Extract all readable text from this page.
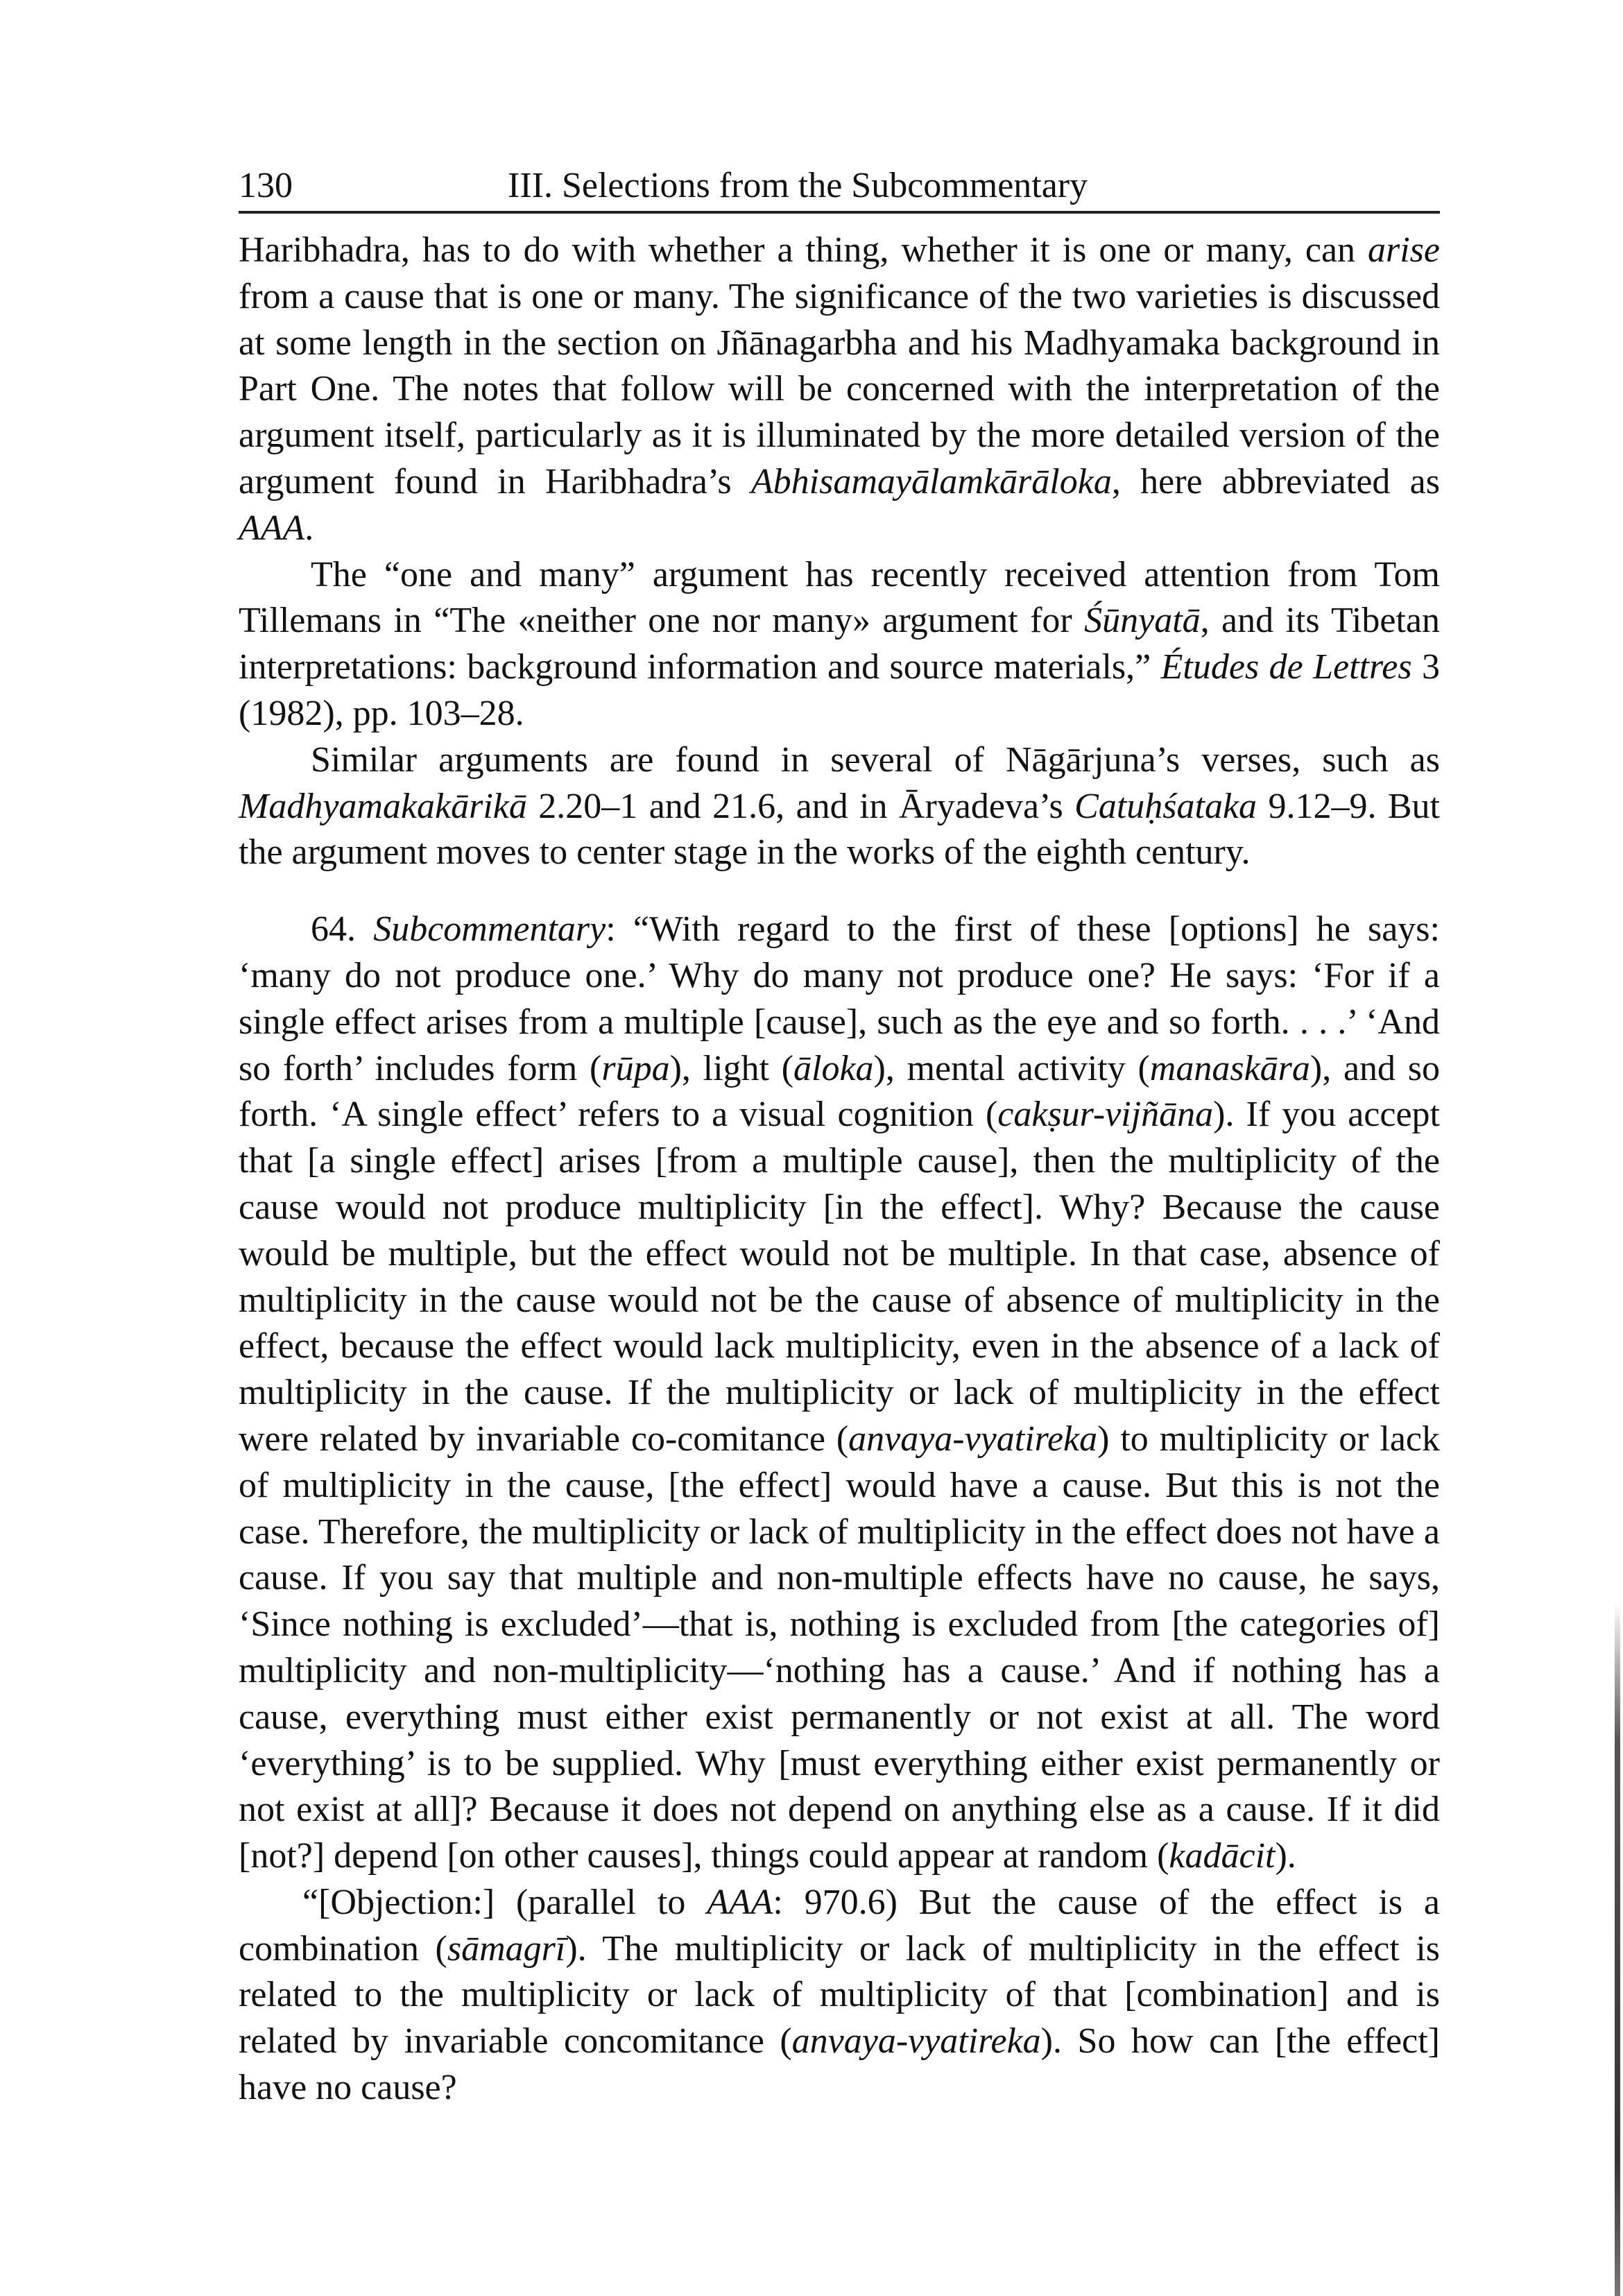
130	III. Selections from the Subcommentary

Haribhadra, has to do with whether a thing, whether it is one or many, can arise from a cause that is one or many. The significance of the two varieties is discussed at some length in the section on Jñānagarbha and his Madhyamaka background in Part One. The notes that follow will be concerned with the interpretation of the argument itself, particularly as it is illuminated by the more detailed version of the argument found in Haribhadra’s Abhisamayālamkārāloka, here abbreviated as AAA.

The “one and many” argument has recently received attention from Tom Tillemans in “The «neither one nor many» argument for Śūnyatā, and its Tibetan interpretations: background information and source materials,” Études de Lettres 3 (1982), pp. 103–28.

Similar arguments are found in several of Nāgārjuna’s verses, such as Madhyamakakārikā 2.20–1 and 21.6, and in Āryadeva’s Catuḥśataka 9.12–9. But the argument moves to center stage in the works of the eighth century.

64. Subcommentary: “With regard to the first of these [options] he says: ‘many do not produce one.’ Why do many not produce one? He says: ‘For if a single effect arises from a multiple [cause], such as the eye and so forth. . . .’ ‘And so forth’ includes form (rūpa), light (āloka), mental activity (manaskāra), and so forth. ‘A single effect’ refers to a visual cognition (cakṣur-vijñāna). If you accept that [a single effect] arises [from a multiple cause], then the multiplicity of the cause would not produce multiplicity [in the effect]. Why? Because the cause would be multiple, but the effect would not be multiple. In that case, absence of multiplicity in the cause would not be the cause of absence of multiplicity in the effect, because the effect would lack multiplicity, even in the absence of a lack of multiplicity in the cause. If the multiplicity or lack of multiplicity in the effect were related by invariable co-comitance (anvaya-vyatireka) to multiplicity or lack of multiplicity in the cause, [the effect] would have a cause. But this is not the case. Therefore, the multiplicity or lack of multiplicity in the effect does not have a cause. If you say that multiple and non-multiple effects have no cause, he says, ‘Since nothing is excluded’—that is, nothing is excluded from [the categories of] multiplicity and non-multiplicity—‘nothing has a cause.’ And if nothing has a cause, everything must either exist permanently or not exist at all. The word ‘everything’ is to be supplied. Why [must everything either exist permanently or not exist at all]? Because it does not depend on anything else as a cause. If it did [not?] depend [on other causes], things could appear at random (kadācit).

“[Objection:] (parallel to AAA: 970.6) But the cause of the effect is a combination (sāmagrī). The multiplicity or lack of multiplicity in the effect is related to the multiplicity or lack of multiplicity of that [combination] and is related by invariable concomitance (anvaya-vyatireka). So how can [the effect] have no cause?
